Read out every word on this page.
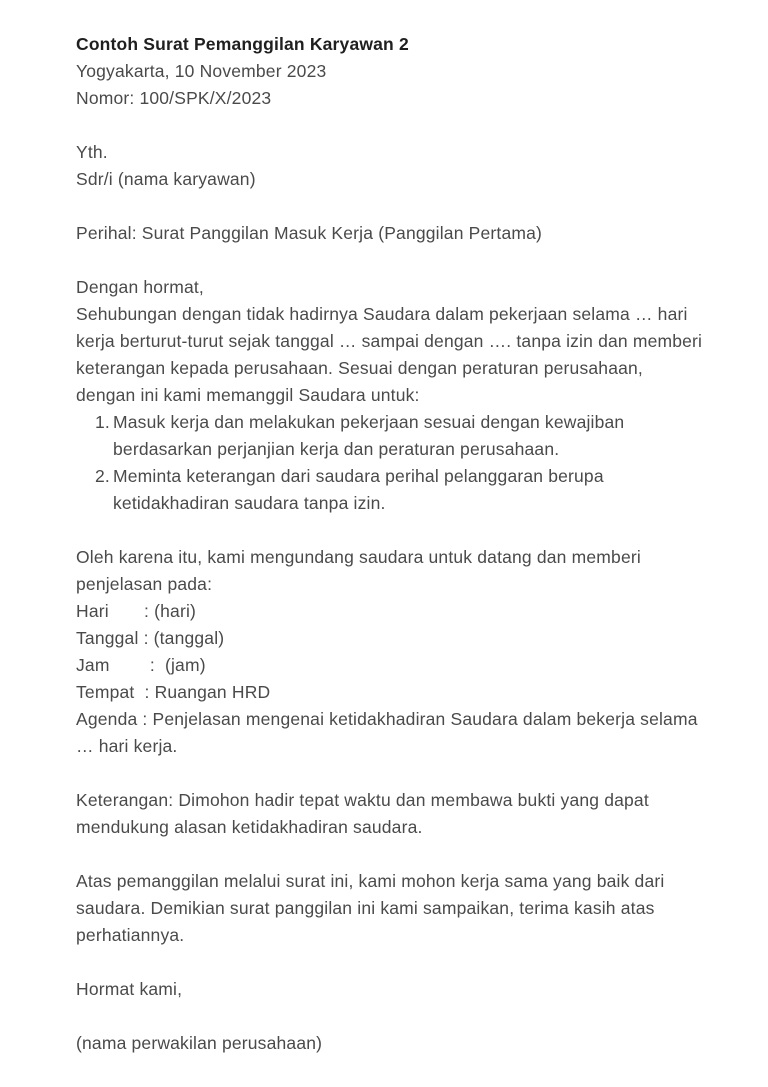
Contoh Surat Pemanggilan Karyawan 2

Yogyakarta, 10 November 2023

Nomor: 100/SPK/X/2023

Yth.

Sdr/i (nama karyawan)

Perihal: Surat Panggilan Masuk Kerja (Panggilan Pertama)

Dengan hormat,

Sehubungan dengan tidak hadirnya Saudara dalam pekerjaan selama … hari kerja berturut-turut sejak tanggal … sampai dengan …. tanpa izin dan memberi keterangan kepada perusahaan. Sesuai dengan peraturan perusahaan, dengan ini kami memanggil Saudara untuk:

1. Masuk kerja dan melakukan pekerjaan sesuai dengan kewajiban berdasarkan perjanjian kerja dan peraturan perusahaan.
2. Meminta keterangan dari saudara perihal pelanggaran berupa ketidakhadiran saudara tanpa izin.

Oleh karena itu, kami mengundang saudara untuk datang dan memberi penjelasan pada:

Hari       : (hari)

Tanggal : (tanggal)

Jam        :  (jam)

Tempat  : Ruangan HRD

Agenda : Penjelasan mengenai ketidakhadiran Saudara dalam bekerja selama … hari kerja.

Keterangan: Dimohon hadir tepat waktu dan membawa bukti yang dapat mendukung alasan ketidakhadiran saudara.

Atas pemanggilan melalui surat ini, kami mohon kerja sama yang baik dari saudara. Demikian surat panggilan ini kami sampaikan, terima kasih atas perhatiannya.

Hormat kami,

(nama perwakilan perusahaan)
